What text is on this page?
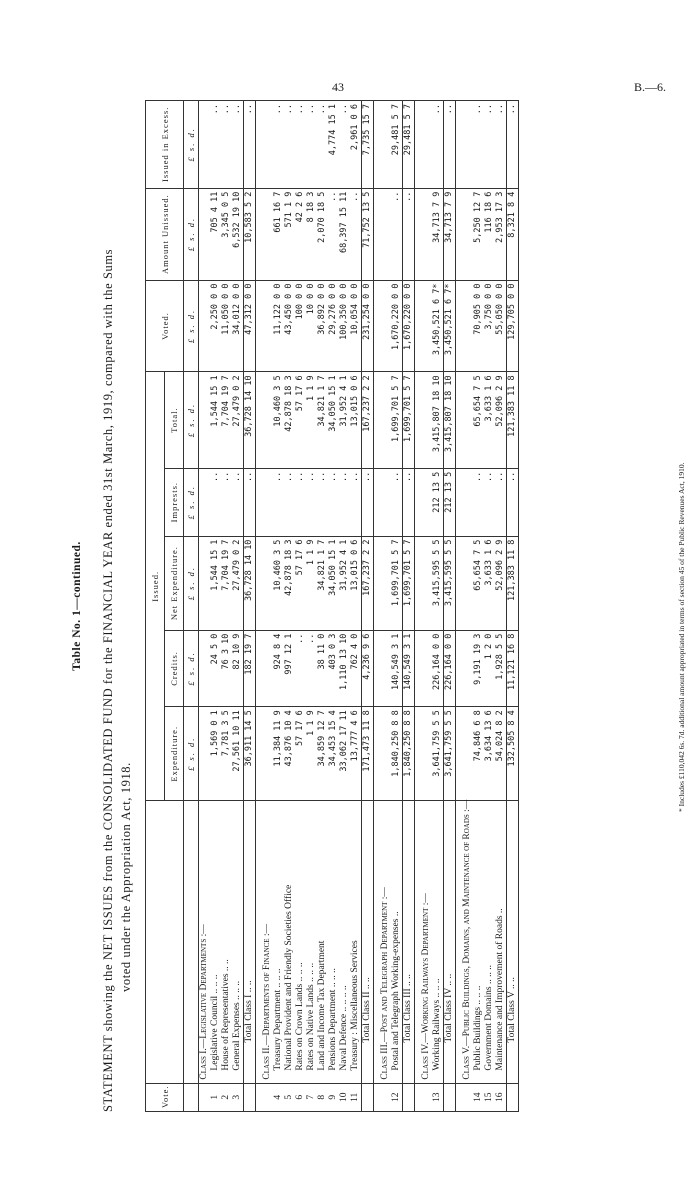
43	B.—6.
Table No. 1—continued. STATEMENT showing the NET ISSUES from the CONSOLIDATED FUND for the FINANCIAL YEAR ended 31st March, 1919, compared with the Sums voted under the Appropriation Act, 1918.
Vote.		Issued.					Voted.	Amount Unissued.	Issued in Excess.
		Expenditure.	Credits.	Net Expenditure.	Imprests.	Total.			
		£ s. d.	£ s. d.	£ s. d.	£ s. d.	£ s. d.	£ s. d.	£ s. d.	£ s. d.
	Class I.—Legislative Departments :—								
1	Legislative Council .. .. ..	1,569 0 1	24 5 0	1,544 15 1	..	1,544 15 1	2,250 0 0	705 4 11	..
2	House of Representatives .. ..	7,781 3 5	76 3 10	7,704 19 7	..	7,704 19 7	11,050 0 0	3,345 0 5	..
3	General Expenses .. .. ..	27,561 10 11	82 10 9	27,479 0 2	..	27,479 0 2	34,012 0 0	6,532 19 10	..
	Total Class I .. ..	36,911 14 5	182 19 7	36,728 14 10	..	36,728 14 10	47,312 0 0	10,583 5 2	..

	Class II.—Departments of Finance :—								
4	Treasury Department .. .. ..	11,384 11 9	924 8 4	10,460 3 5	..	10,460 3 5	11,122 0 0	661 16 7	..
5	National Provident and Friendly Societies Office	43,876 10 4	997 12 1	42,878 18 3	..	42,878 18 3	43,450 0 0	571 1 9	..
6	Rates on Crown Lands .. .. ..	57 17 6	..	57 17 6	..	57 17 6	100 0 0	42 2 6	..
7	Rates on Native Lands .. .. ..	1 1 9	..	1 1 9	..	1 1 9	10 0 0	8 18 3	..
8	Land and Income Tax Department	34,859 12 7	38 11 0	34,821 1 7	..	34,821 1 7	36,892 0 0	2,070 18 5	..
9	Pensions Department .. .. ..	34,453 15 4	403 0 3	34,050 15 1	..	34,050 15 1	29,276 0 0	..	4,774 15 1
10	Naval Defence .. .. .. ..	33,062 17 11	1,110 13 10	31,952 4 1	..	31,952 4 1	100,350 0 0	68,397 15 11	..
11	Treasury : Miscellaneous Services	13,777 4 6	762 4 0	13,015 0 6	..	13,015 0 6	10,054 0 0	..	2,961 0 6
	Total Class II .. ..	171,473 11 8	4,236 9 6	167,237 2 2	..	167,237 2 2	231,254 0 0	71,752 13 5	7,735 15 7

	Class III.—Post and Telegraph Department :—								
12	Postal and Telegraph Working-expenses ..	1,840,250 8 8	140,549 3 1	1,699,701 5 7	..	1,699,701 5 7	1,670,220 0 0	..	29,481 5 7
	Total Class III .. ..	1,840,250 8 8	140,549 3 1	1,699,701 5 7	..	1,699,701 5 7	1,670,220 0 0	..	29,481 5 7

	Class IV.—Working Railways Department :—								
13	Working Railways .. .. ..	3,641,759 5 5	226,164 0 0	3,415,595 5 5	212 13 5	3,415,807 18 10	3,450,521 6 7*	34,713 7 9	..
	Total Class IV .. ..	3,641,759 5 5	226,164 0 0	3,415,595 5 5	212 13 5	3,415,807 18 10	3,450,521 6 7*	34,713 7 9	..

	Class V.—Public Buildings, Domains, and Maintenance of Roads :—								
14	Public Buildings .. .. ..	74,846 6 8	9,191 19 3	65,654 7 5	..	65,654 7 5	70,905 0 0	5,250 12 7	..
15	Government Domains .. .. ..	3,634 13 6	1 2 0	3,633 1 6	..	3,633 1 6	3,750 0 0	116 18 6	..
16	Maintenance and Improvement of Roads ..	54,024 8 2	1,928 5 5	52,096 2 9	..	52,096 2 9	55,050 0 0	2,953 17 3	..
	Total Class V .. ..	132,505 8 4	11,121 16 8	121,383 11 8	..	121,383 11 8	129,705 0 0	8,321 8 4	..
* Includes £110,042 6s. 7d. additional amount appropriated in terms of section 45 of the Public Revenues Act, 1910.
